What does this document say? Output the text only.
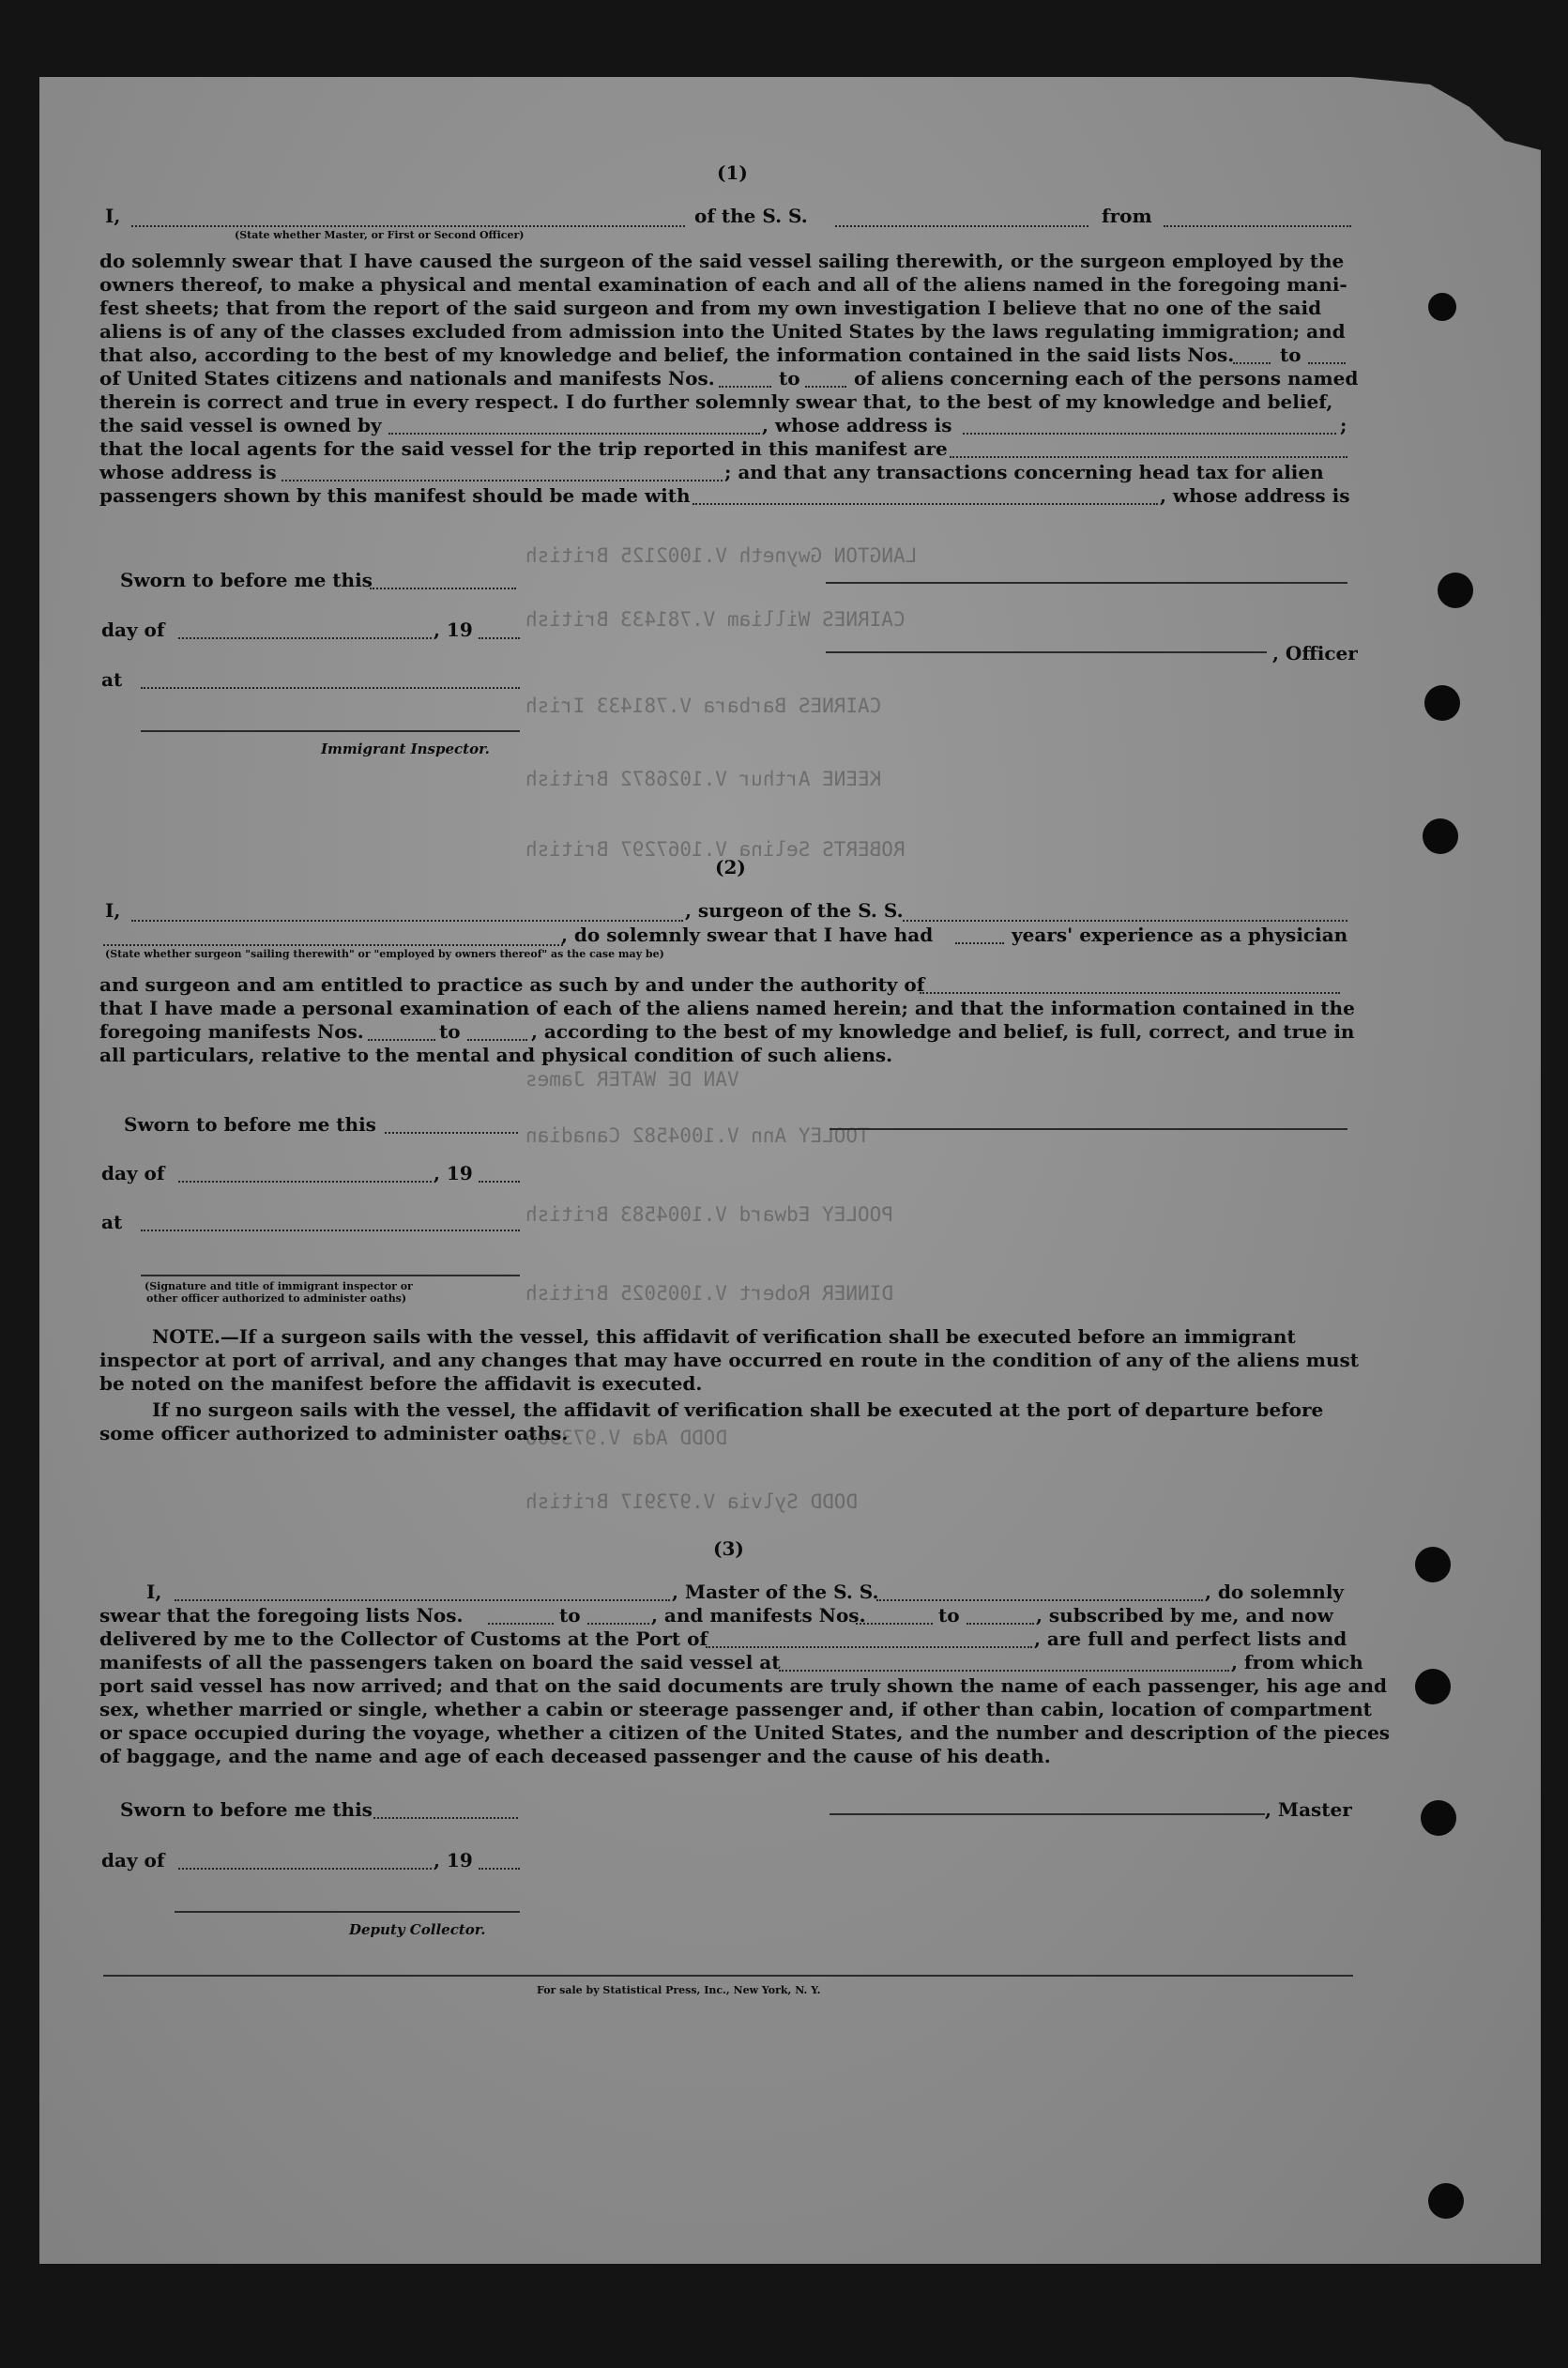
LANGTON Gwyneth V.1002125 British
CAIRNES William V.781433 British
CAIRNES Barbara V.781433 Irish
KEENE Arthur V.1026872 British
ROBERTS Selina V.1067297 British
VAN DE WATER James
TOOLEY Ann V.1004582 Canadian
POOLEY Edward V.1004583 British
DINNER Robert V.1005025 British
DODD Ada V.973906
DODD Sylvia V.973917 British
(1)
I,	of the S. S.	from
(State whether Master, or First or Second Officer)
do solemnly swear that I have caused the surgeon of the said vessel sailing therewith, or the surgeon employed by the
owners thereof, to make a physical and mental examination of each and all of the aliens named in the foregoing mani-
fest sheets; that from the report of the said surgeon and from my own investigation I believe that no one of the said
aliens is of any of the classes excluded from admission into the United States by the laws regulating immigration; and
that also, according to the best of my knowledge and belief, the information contained in the said lists Nos. to
of United States citizens and nationals and manifests Nos.	to	of aliens concerning each of the persons named
therein is correct and true in every respect. I do further solemnly swear that, to the best of my knowledge and belief,
the said vessel is owned by	, whose address is	;
that the local agents for the said vessel for the trip reported in this manifest are
whose address is	; and that any transactions concerning head tax for alien
passengers shown by this manifest should be made with	, whose address is
Sworn to before me this
day of	, 19
, Officer
at
Immigrant Inspector.
(2)
I,	, surgeon of the S. S.
, do solemnly swear that I have had	years' experience as a physician
(State whether surgeon "sailing therewith" or "employed by owners thereof" as the case may be)
and surgeon and am entitled to practice as such by and under the authority of
that I have made a personal examination of each of the aliens named herein; and that the information contained in the
foregoing manifests Nos.	to	, according to the best of my knowledge and belief, is full, correct, and true in
all particulars, relative to the mental and physical condition of such aliens.
Sworn to before me this
day of	, 19
at
(Signature and title of immigrant inspector or
other officer authorized to administer oaths)
NOTE.—If a surgeon sails with the vessel, this affidavit of verification shall be executed before an immigrant
inspector at port of arrival, and any changes that may have occurred en route in the condition of any of the aliens must
be noted on the manifest before the affidavit is executed.
If no surgeon sails with the vessel, the affidavit of verification shall be executed at the port of departure before
some officer authorized to administer oaths.
(3)
I,	, Master of the S. S.	, do solemnly
swear that the foregoing lists Nos.	to	, and manifests Nos.	to	, subscribed by me, and now
delivered by me to the Collector of Customs at the Port of	, are full and perfect lists and
manifests of all the passengers taken on board the said vessel at	, from which
port said vessel has now arrived; and that on the said documents are truly shown the name of each passenger, his age and
sex, whether married or single, whether a cabin or steerage passenger and, if other than cabin, location of compartment
or space occupied during the voyage, whether a citizen of the United States, and the number and description of the pieces
of baggage, and the name and age of each deceased passenger and the cause of his death.
Sworn to before me this	, Master
day of	, 19
Deputy Collector.
For sale by Statistical Press, Inc., New York, N. Y.
